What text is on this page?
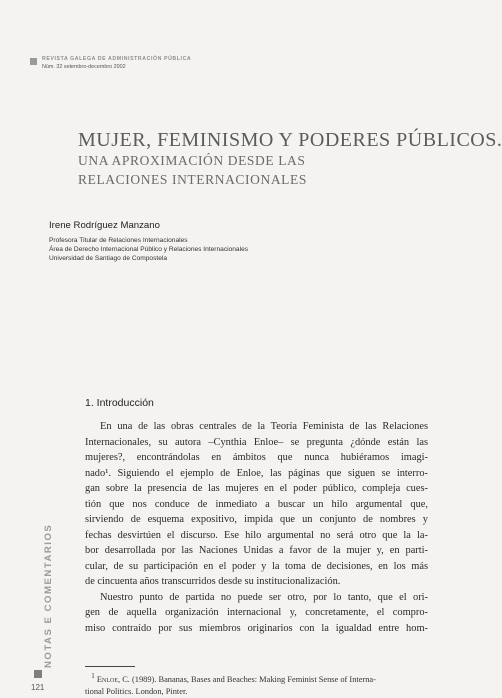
REVISTA GALEGA DE ADMINISTRACIÓN PÚBLICA
Núm. 32 setembro-decembro 2002
MUJER, FEMINISMO Y PODERES PÚBLICOS.
UNA APROXIMACIÓN DESDE LAS
RELACIONES INTERNACIONALES
Irene Rodríguez Manzano
Profesora Titular de Relaciones Internacionales
Área de Derecho Internacional Público y Relaciones Internacionales
Universidad de Santiago de Compostela
1. Introducción
En una de las obras centrales de la Teoría Feminista de las Relaciones
Internacionales, su autora –Cynthia Enloe– se pregunta ¿dónde están las
mujeres?, encontrándolas en ámbitos que nunca hubiéramos imagi-
nado¹. Siguiendo el ejemplo de Enloe, las páginas que siguen se interro-
gan sobre la presencia de las mujeres en el poder público, compleja cues-
tión que nos conduce de inmediato a buscar un hilo argumental que,
sirviendo de esquema expositivo, impida que un conjunto de nombres y
fechas desvirtúen el discurso. Ese hilo argumental no será otro que la la-
bor desarrollada por las Naciones Unidas a favor de la mujer y, en parti-
cular, de su participación en el poder y la toma de decisiones, en los más
de cincuenta años transcurridos desde su institucionalización.
Nuestro punto de partida no puede ser otro, por lo tanto, que el ori-
gen de aquella organización internacional y, concretamente, el compro-
miso contraído por sus miembros originarios con la igualdad entre hom-
$^1$ Enloe, C. (1989). Bananas, Bases and Beaches: Making Feminist Sense of Interna-
tional Politics. London, Pinter.
NOTAS E COMENTARIOS
121
